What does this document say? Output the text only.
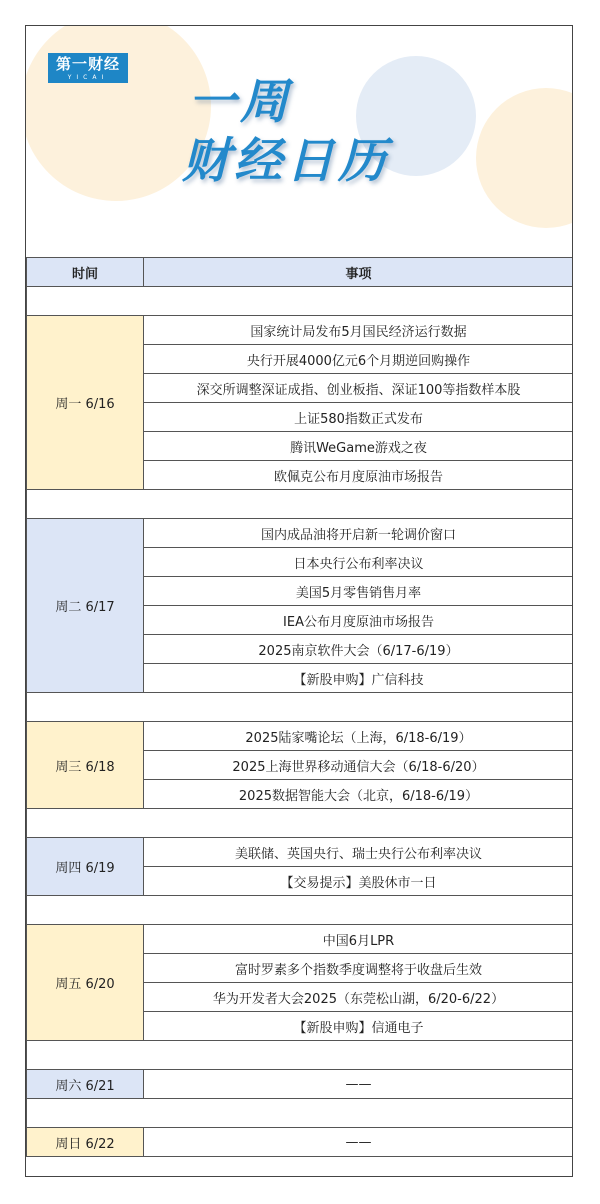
第一财经
YICAI	一周
财经日历
时间	事项

周一 6/16	国家统计局发布5月国民经济运行数据
	央行开展4000亿元6个月期逆回购操作
	深交所调整深证成指、创业板指、深证100等指数样本股
	上证580指数正式发布
	腾讯WeGame游戏之夜
	欧佩克公布月度原油市场报告

周二 6/17	国内成品油将开启新一轮调价窗口
	日本央行公布利率决议
	美国5月零售销售月率
	IEA公布月度原油市场报告
	2025南京软件大会（6/17-6/19）
	【新股申购】广信科技

周三 6/18	2025陆家嘴论坛（上海，6/18-6/19）
	2025上海世界移动通信大会（6/18-6/20）
	2025数据智能大会（北京，6/18-6/19）

周四 6/19	美联储、英国央行、瑞士央行公布利率决议
	【交易提示】美股休市一日

周五 6/20	中国6月LPR
	富时罗素多个指数季度调整将于收盘后生效
	华为开发者大会2025（东莞松山湖，6/20-6/22）
	【新股申购】信通电子

周六 6/21	——

周日 6/22	——
